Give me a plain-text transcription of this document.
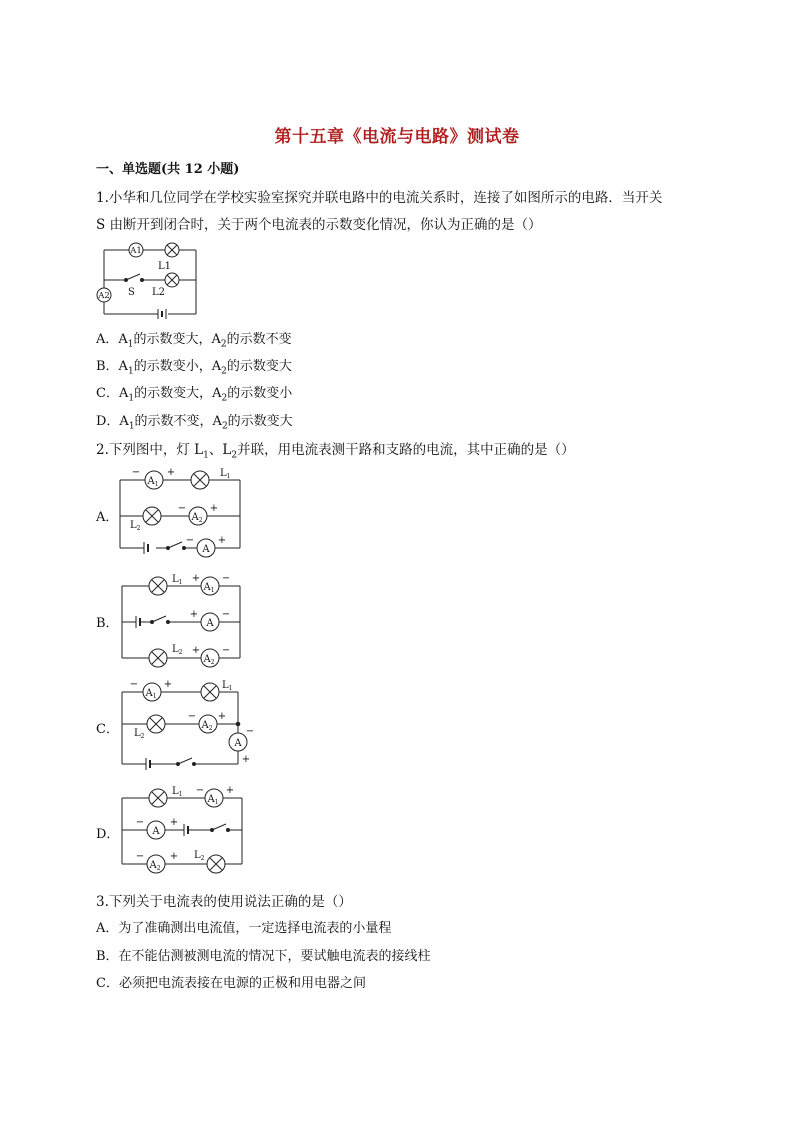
第十五章《电流与电路》测试卷
一、单选题(共 12 小题)
1.小华和几位同学在学校实验室探究并联电路中的电流关系时，连接了如图所示的电路．当开关
S 由断开到闭合时，关于两个电流表的示数变化情况，你认为正确的是（）
A1
A2
L1
L2
S
A．$A_1$的示数变大，$A_2$的示数不变
B．$A_1$的示数变小，$A_2$的示数变大
C．$A_1$的示数变大，$A_2$的示数变小
D．$A_1$的示数不变，$A_2$的示数变大
2.下列图中，灯 $L_1$、$L_2$并联，用电流表测干路和支路的电流，其中正确的是（）
A．
$A_1$
$A_2$
A
−	+
− +
− +
$L_1$
$L_2$
B．
$A_1$
A
$A_2$
+ −
+ −
+ −
$L_1$
$L_2$
C．
$A_1$
$A_2$
A
−	+
− +
−
+
$L_1$
$L_2$
D．
$A_1$
A
$A_2$
− +
−	+
−	+
$L_1$
$L_2$
3.下列关于电流表的使用说法正确的是（）
A．为了准确测出电流值，一定选择电流表的小量程
B．在不能估测被测电流的情况下，要试触电流表的接线柱
C．必须把电流表接在电源的正极和用电器之间
